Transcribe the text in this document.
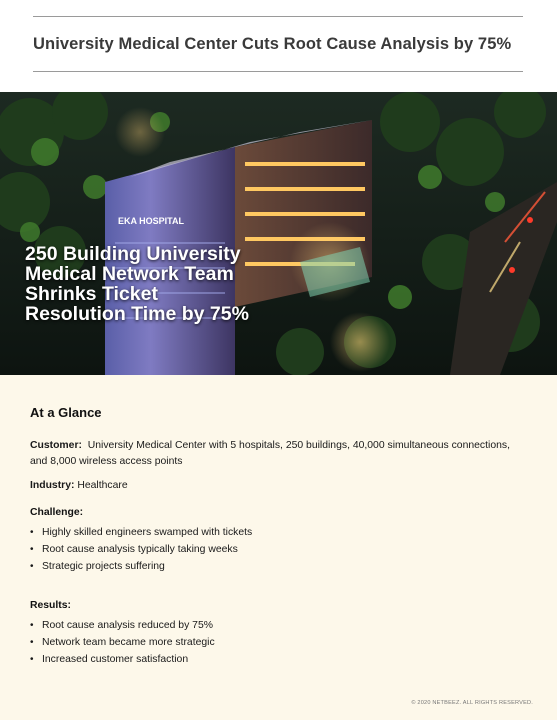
University Medical Center Cuts Root Cause Analysis by 75%
EKA HOSPITAL
250 Building University
Medical Network Team
Shrinks Ticket
Resolution Time by 75%
At a Glance
Customer: University Medical Center with 5 hospitals, 250 buildings, 40,000 simultaneous connections, and 8,000 wireless access points
Industry: Healthcare
Challenge:
• Highly skilled engineers swamped with tickets
• Root cause analysis typically taking weeks
• Strategic projects suffering
Results:
• Root cause analysis reduced by 75%
• Network team became more strategic
• Increased customer satisfaction
© 2020 NETBEEZ. ALL RIGHTS RESERVED.
